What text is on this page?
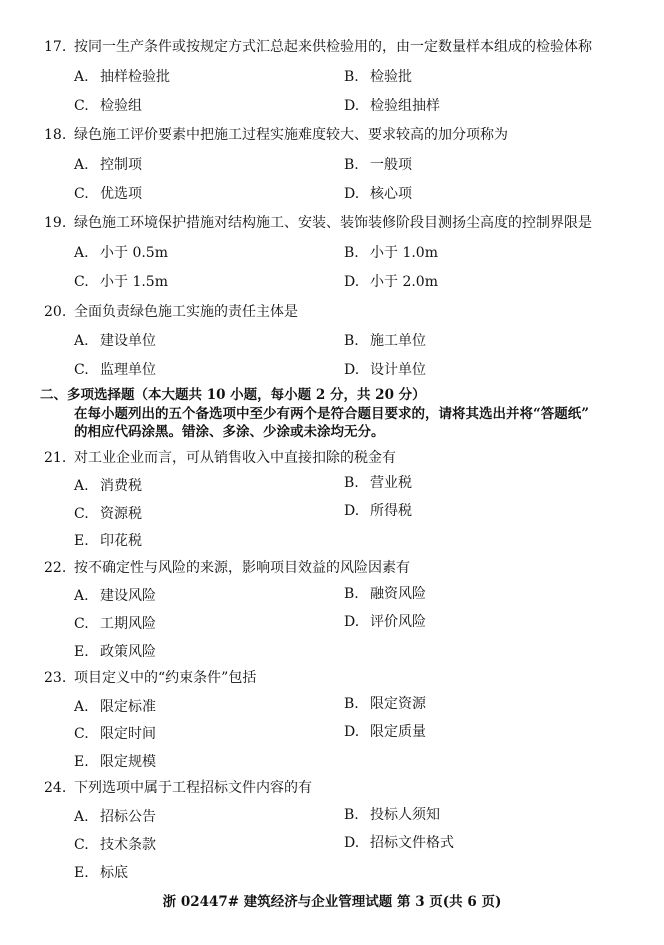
17. 按同一生产条件或按规定方式汇总起来供检验用的，由一定数量样本组成的检验体称
A. 抽样检验批	B. 检验批
C. 检验组	D. 检验组抽样
18. 绿色施工评价要素中把施工过程实施难度较大、要求较高的加分项称为
A. 控制项	B. 一般项
C. 优选项	D. 核心项
19. 绿色施工环境保护措施对结构施工、安装、装饰装修阶段目测扬尘高度的控制界限是
A. 小于 0.5m	B. 小于 1.0m
C. 小于 1.5m	D. 小于 2.0m
20. 全面负责绿色施工实施的责任主体是
A. 建设单位	B. 施工单位
C. 监理单位	D. 设计单位
二、多项选择题（本大题共 10 小题，每小题 2 分，共 20 分）
在每小题列出的五个备选项中至少有两个是符合题目要求的，请将其选出并将“答题纸”
的相应代码涂黑。错涂、多涂、少涂或未涂均无分。
21. 对工业企业而言，可从销售收入中直接扣除的税金有
A. 消费税	B. 营业税
C. 资源税	D. 所得税
E. 印花税
22. 按不确定性与风险的来源，影响项目效益的风险因素有
A. 建设风险	B. 融资风险
C. 工期风险	D. 评价风险
E. 政策风险
23. 项目定义中的“约束条件”包括
A. 限定标准	B. 限定资源
C. 限定时间	D. 限定质量
E. 限定规模
24. 下列选项中属于工程招标文件内容的有
A. 招标公告	B. 投标人须知
C. 技术条款	D. 招标文件格式
E. 标底
浙 02447# 建筑经济与企业管理试题 第 3 页(共 6 页)
